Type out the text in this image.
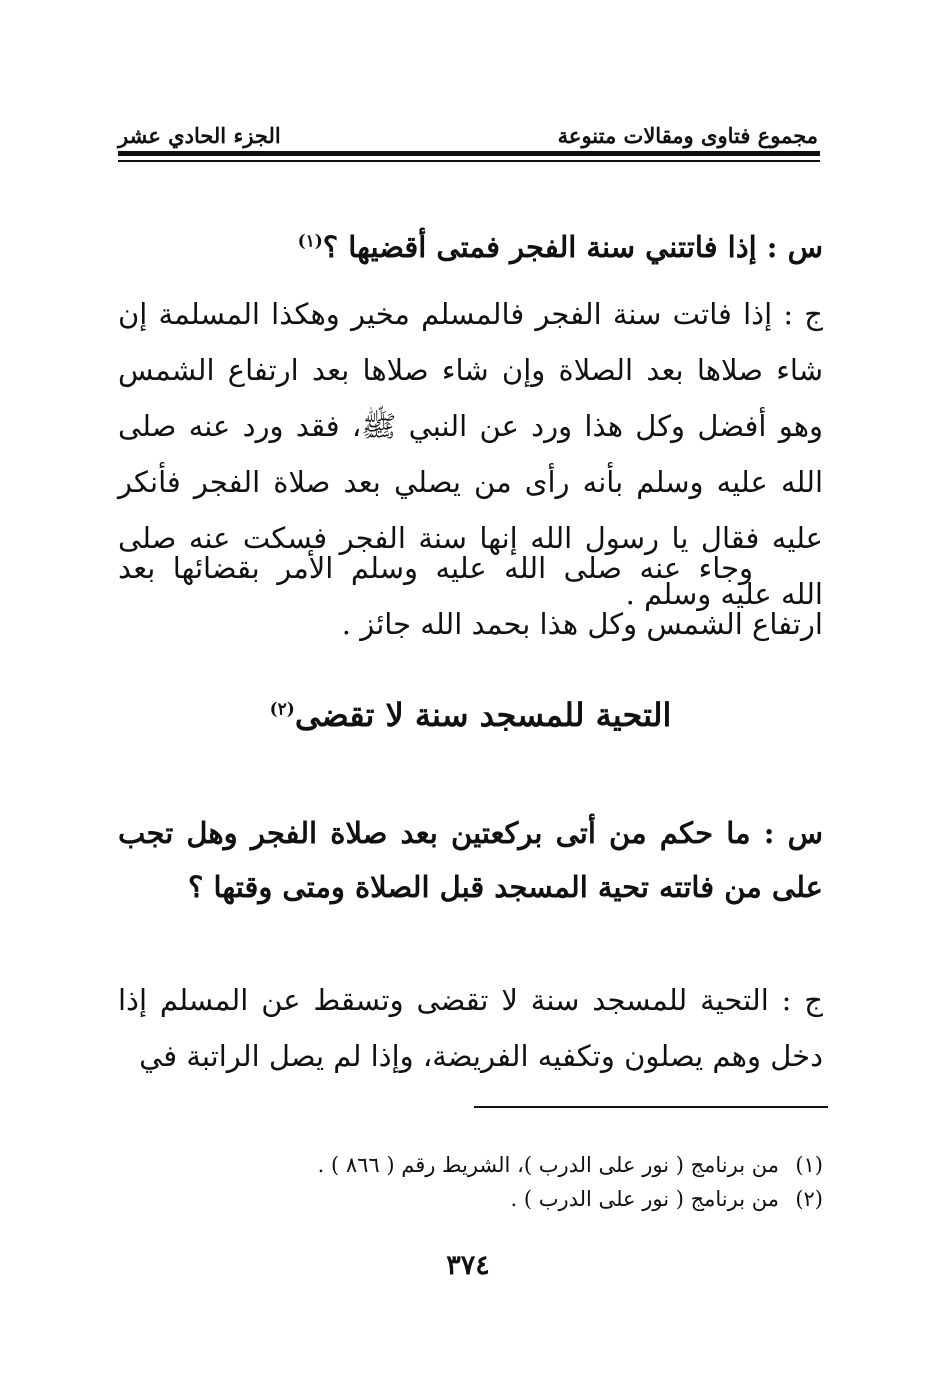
مجموع فتاوى ومقالات متنوعة
الجزء الحادي عشر
س : إذا فاتتني سنة الفجر فمتى أقضيها ؟$^{(١)}$
ج : إذا فاتت سنة الفجر فالمسلم مخير وهكذا المسلمة إن شاء صلاها بعد الصلاة وإن شاء صلاها بعد ارتفاع الشمس وهو أفضل وكل هذا ورد عن النبي ﷺ، فقد ورد عنه صلى الله عليه وسلم بأنه رأى من يصلي بعد صلاة الفجر فأنكر عليه فقال يا رسول الله إنها سنة الفجر فسكت عنه صلى الله عليه وسلم .
وجاء عنه صلى الله عليه وسلم الأمر بقضائها بعد ارتفاع الشمس وكل هذا بحمد الله جائز .
التحية للمسجد سنة لا تقضى$^{(٢)}$
س : ما حكم من أتى بركعتين بعد صلاة الفجر وهل تجب على من فاتته تحية المسجد قبل الصلاة ومتى وقتها ؟
ج : التحية للمسجد سنة لا تقضى وتسقط عن المسلم إذا دخل وهم يصلون وتكفيه الفريضة، وإذا لم يصل الراتبة في
(١)من برنامج ( نور على الدرب )، الشريط رقم ( ٨٦٦ ) .
(٢)من برنامج ( نور على الدرب ) .
٣٧٤
